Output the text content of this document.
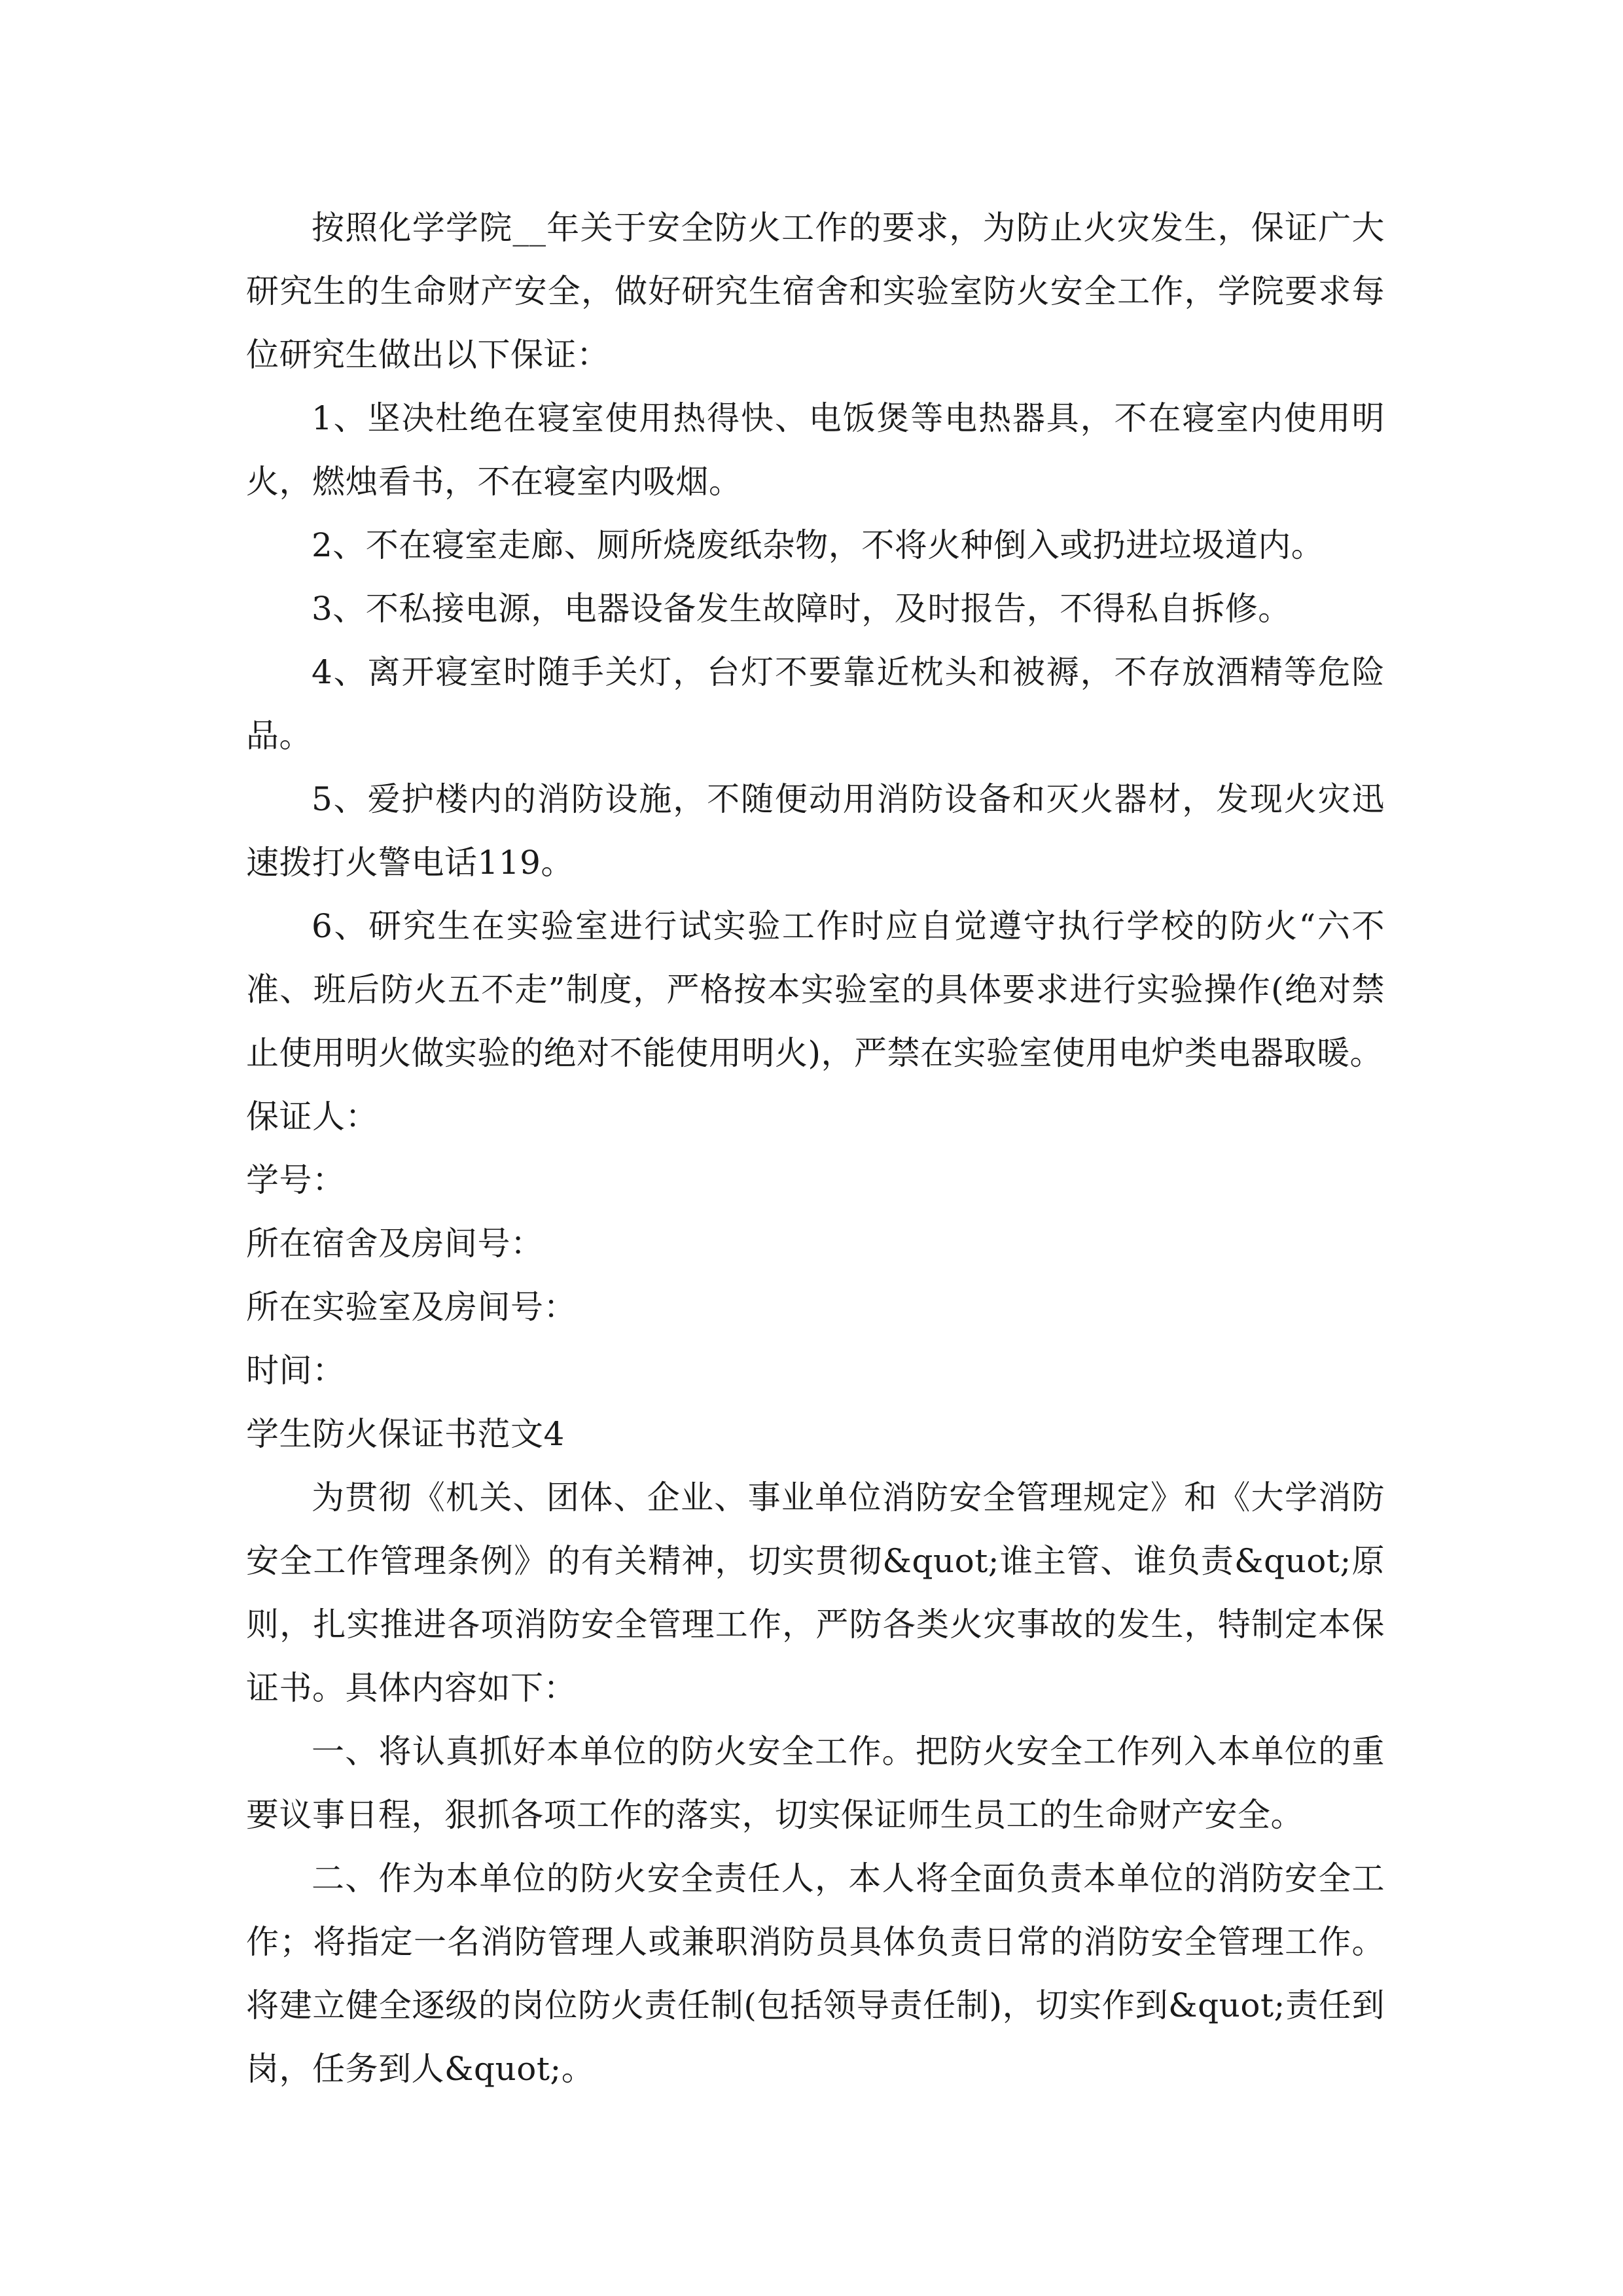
按照化学学院__年关于安全防火工作的要求，为防止火灾发生，保证广大研究生的生命财产安全，做好研究生宿舍和实验室防火安全工作，学院要求每位研究生做出以下保证：

1、坚决杜绝在寝室使用热得快、电饭煲等电热器具，不在寝室内使用明火，燃烛看书，不在寝室内吸烟。

2、不在寝室走廊、厕所烧废纸杂物，不将火种倒入或扔进垃圾道内。

3、不私接电源，电器设备发生故障时，及时报告，不得私自拆修。

4、离开寝室时随手关灯，台灯不要靠近枕头和被褥，不存放酒精等危险品。

5、爱护楼内的消防设施，不随便动用消防设备和灭火器材，发现火灾迅速拨打火警电话119。

6、研究生在实验室进行试实验工作时应自觉遵守执行学校的防火“六不准、班后防火五不走”制度，严格按本实验室的具体要求进行实验操作(绝对禁止使用明火做实验的绝对不能使用明火)，严禁在实验室使用电炉类电器取暖。

保证人：

学号：

所在宿舍及房间号：

所在实验室及房间号：

时间：

学生防火保证书范文4

为贯彻《机关、团体、企业、事业单位消防安全管理规定》和《大学消防安全工作管理条例》的有关精神，切实贯彻&quot;谁主管、谁负责&quot;原则，扎实推进各项消防安全管理工作，严防各类火灾事故的发生，特制定本保证书。具体内容如下：

一、将认真抓好本单位的防火安全工作。把防火安全工作列入本单位的重要议事日程，狠抓各项工作的落实，切实保证师生员工的生命财产安全。

二、作为本单位的防火安全责任人，本人将全面负责本单位的消防安全工作；将指定一名消防管理人或兼职消防员具体负责日常的消防安全管理工作。将建立健全逐级的岗位防火责任制(包括领导责任制)，切实作到&quot;责任到岗，任务到人&quot;。
